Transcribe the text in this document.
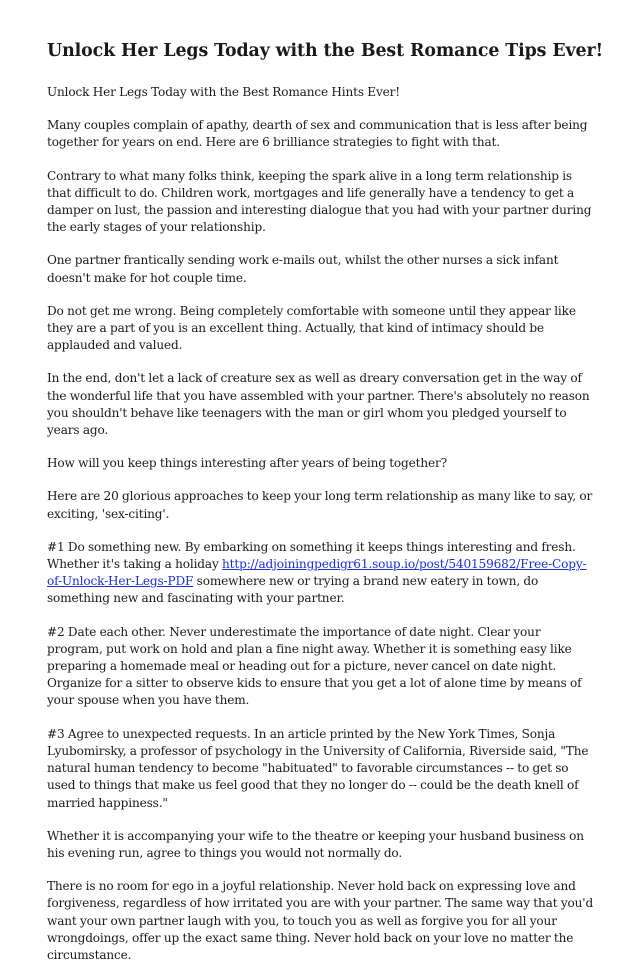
Unlock Her Legs Today with the Best Romance Tips Ever!

Unlock Her Legs Today with the Best Romance Hints Ever!

Many couples complain of apathy, dearth of sex and communication that is less after being together for years on end. Here are 6 brilliance strategies to fight with that.

Contrary to what many folks think, keeping the spark alive in a long term relationship is that difficult to do. Children work, mortgages and life generally have a tendency to get a damper on lust, the passion and interesting dialogue that you had with your partner during the early stages of your relationship.

One partner frantically sending work e-mails out, whilst the other nurses a sick infant doesn't make for hot couple time.

Do not get me wrong. Being completely comfortable with someone until they appear like they are a part of you is an excellent thing. Actually, that kind of intimacy should be applauded and valued.

In the end, don't let a lack of creature sex as well as dreary conversation get in the way of the wonderful life that you have assembled with your partner. There's absolutely no reason you shouldn't behave like teenagers with the man or girl whom you pledged yourself to years ago.

How will you keep things interesting after years of being together?

Here are 20 glorious approaches to keep your long term relationship as many like to say, or exciting, 'sex-citing'.

#1 Do something new. By embarking on something it keeps things interesting and fresh. Whether it's taking a holiday http://adjoiningpedigr61.soup.io/post/540159682/Free-Copy-of-Unlock-Her-Legs-PDF somewhere new or trying a brand new eatery in town, do something new and fascinating with your partner.

#2 Date each other. Never underestimate the importance of date night. Clear your program, put work on hold and plan a fine night away. Whether it is something easy like preparing a homemade meal or heading out for a picture, never cancel on date night. Organize for a sitter to observe kids to ensure that you get a lot of alone time by means of your spouse when you have them.

#3 Agree to unexpected requests. In an article printed by the New York Times, Sonja Lyubomirsky, a professor of psychology in the University of California, Riverside said, "The natural human tendency to become "habituated" to favorable circumstances -- to get so used to things that make us feel good that they no longer do -- could be the death knell of married happiness."

Whether it is accompanying your wife to the theatre or keeping your husband business on his evening run, agree to things you would not normally do.

There is no room for ego in a joyful relationship. Never hold back on expressing love and forgiveness, regardless of how irritated you are with your partner. The same way that you'd want your own partner laugh with you, to touch you as well as forgive you for all your wrongdoings, offer up the exact same thing. Never hold back on your love no matter the circumstance.
